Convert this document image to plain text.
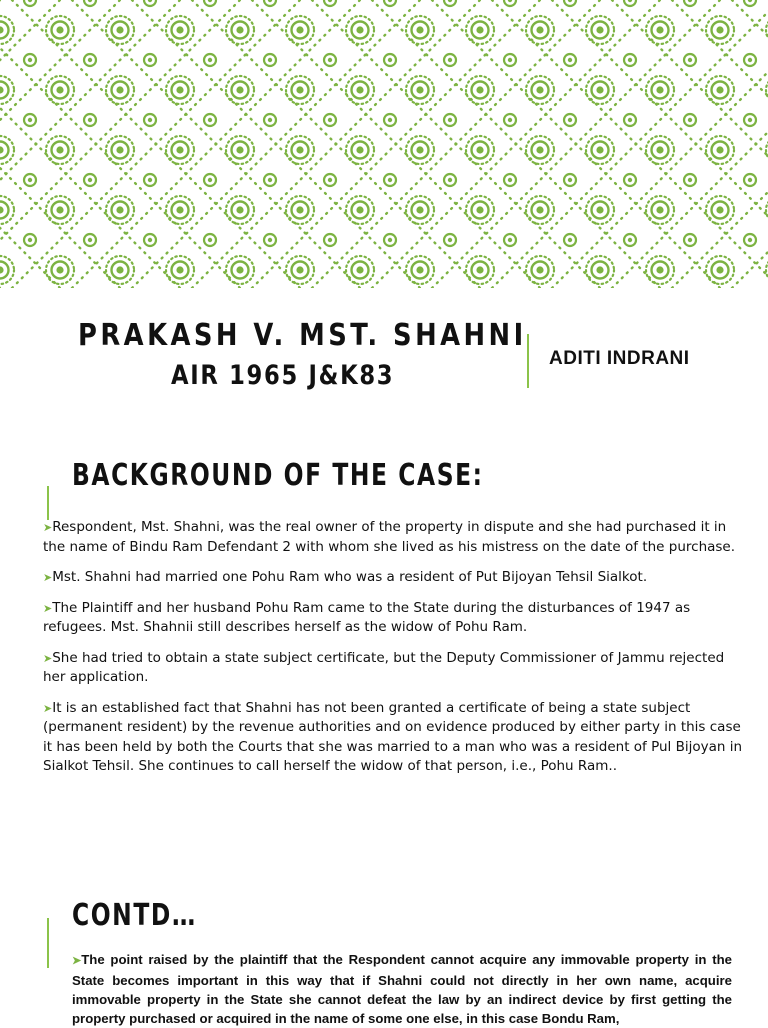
PRAKASH V. MST. SHAHNI
AIR 1965 J&K83

ADITI INDRANI

BACKGROUND OF THE CASE:

➤Respondent, Mst. Shahni, was the real owner of the property in dispute and she had purchased it in the name of Bindu Ram Defendant 2 with whom she lived as his mistress on the date of the purchase.

➤Mst. Shahni had married one Pohu Ram who was a resident of Put Bijoyan Tehsil Sialkot.

➤The Plaintiff and her husband Pohu Ram came to the State during the disturbances of 1947 as refugees. Mst. Shahnii still describes herself as the widow of Pohu Ram.

➤She had tried to obtain a state subject certificate, but the Deputy Commissioner of Jammu rejected her application.

➤It is an established fact that Shahni has not been granted a certificate of being a state subject (permanent resident) by the revenue authorities and on evidence produced by either party in this case it has been held by both the Courts that she was married to a man who was a resident of Pul Bijoyan in Sialkot Tehsil. She continues to call herself the widow of that person, i.e., Pohu Ram..

CONTD…

➤The point raised by the plaintiff that the Respondent cannot acquire any immovable property in the State becomes important in this way that if Shahni could not directly in her own name, acquire immovable property in the State she cannot defeat the law by an indirect device by first getting the property purchased or acquired in the name of some one else, in this case Bondu Ram,
